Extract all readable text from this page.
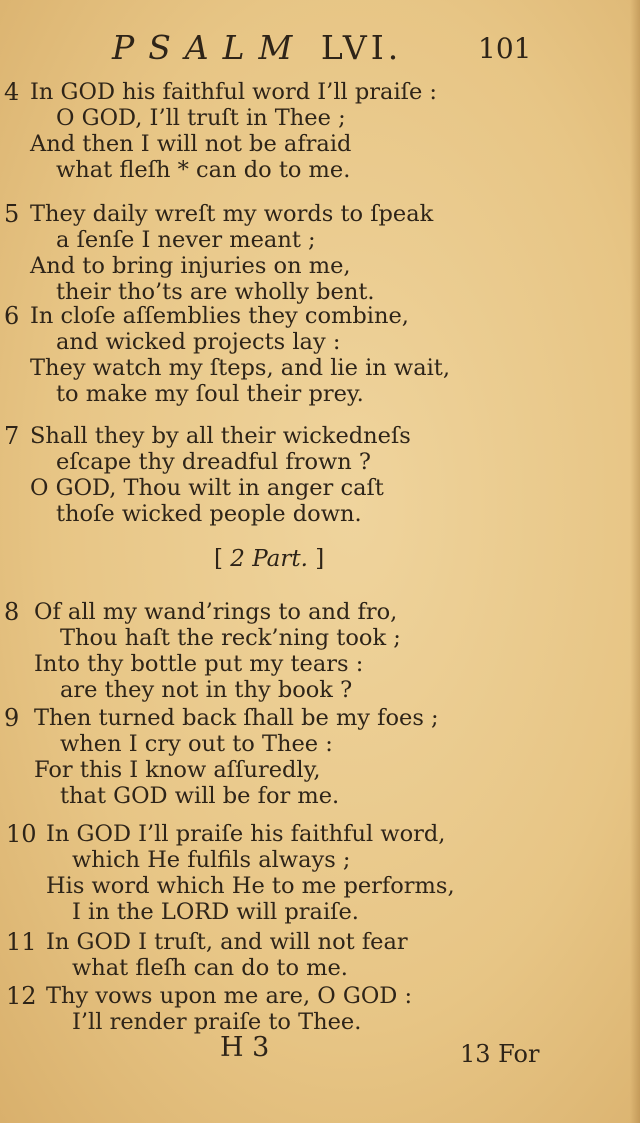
PSALM LVI.	101
4
5
6
7
8
9
10
11
12
In GOD his faithful word I’ll praiſe :
O GOD, I’ll truſt in Thee ;
And then I will not be afraid
what fleſh * can do to me.
They daily wreſt my words to ſpeak
a ſenſe I never meant ;
And to bring injuries on me,
their tho’ts are wholly bent.
In cloſe aſſemblies they combine,
and wicked projects lay :
They watch my ſteps, and lie in wait,
to make my ſoul their prey.
Shall they by all their wickedneſs
eſcape thy dreadful frown ?
O GOD, Thou wilt in anger caſt
thoſe wicked people down.
[ 2 Part. ]
Of all my wand’rings to and fro,
Thou haſt the reck’ning took ;
Into thy bottle put my tears :
are they not in thy book ?
Then turned back ſhall be my foes ;
when I cry out to Thee :
For this I know aſſuredly,
that GOD will be for me.
In GOD I’ll praiſe his faithful word,
which He fulfils always ;
His word which He to me performs,
I in the LORD will praiſe.
In GOD I truſt, and will not fear
what fleſh can do to me.
Thy vows upon me are, O GOD :
I’ll render praiſe to Thee.
H 3	13 For
